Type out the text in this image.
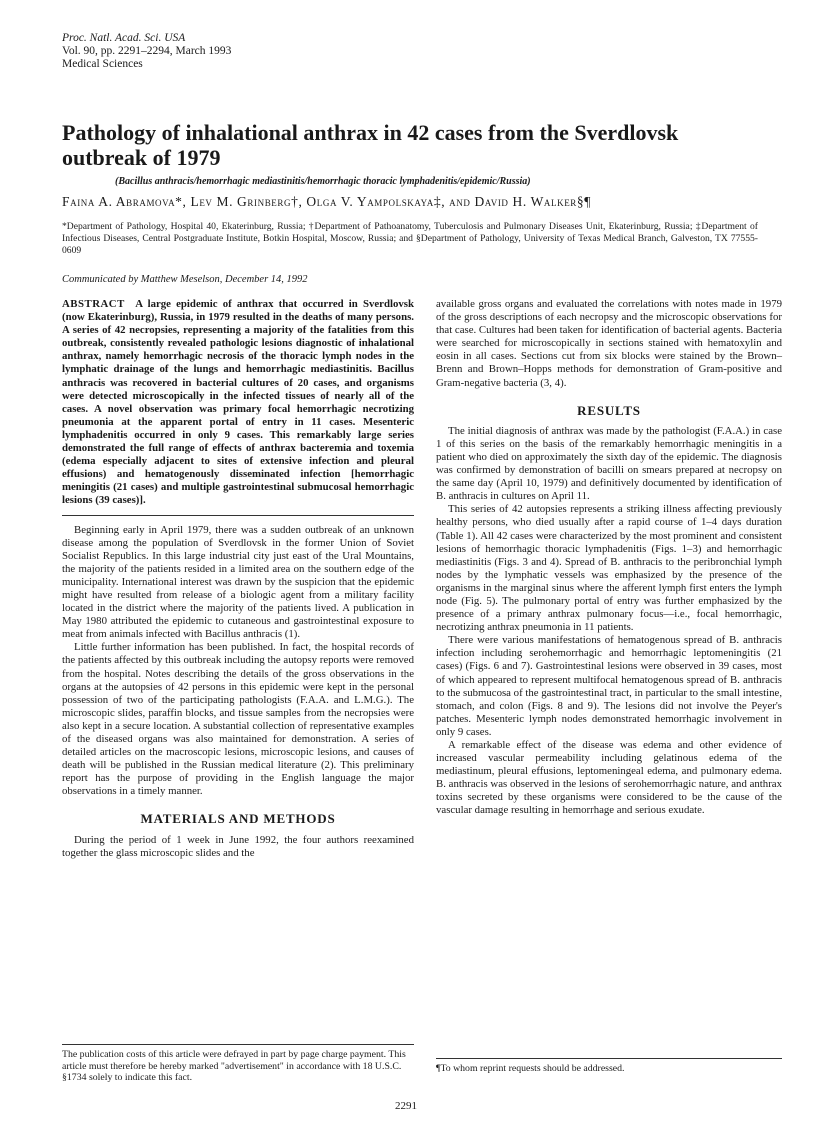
Proc. Natl. Acad. Sci. USA
Vol. 90, pp. 2291–2294, March 1993
Medical Sciences
Pathology of inhalational anthrax in 42 cases from the Sverdlovsk outbreak of 1979
(Bacillus anthracis/hemorrhagic mediastinitis/hemorrhagic thoracic lymphadenitis/epidemic/Russia)
Faina A. Abramova*, Lev M. Grinberg†, Olga V. Yampolskaya‡, and David H. Walker§¶
*Department of Pathology, Hospital 40, Ekaterinburg, Russia; †Department of Pathoanatomy, Tuberculosis and Pulmonary Diseases Unit, Ekaterinburg, Russia; ‡Department of Infectious Diseases, Central Postgraduate Institute, Botkin Hospital, Moscow, Russia; and §Department of Pathology, University of Texas Medical Branch, Galveston, TX 77555-0609
Communicated by Matthew Meselson, December 14, 1992

ABSTRACT A large epidemic of anthrax that occurred in Sverdlovsk (now Ekaterinburg), Russia, in 1979 resulted in the deaths of many persons. A series of 42 necropsies, representing a majority of the fatalities from this outbreak, consistently revealed pathologic lesions diagnostic of inhalational anthrax, namely hemorrhagic necrosis of the thoracic lymph nodes in the lymphatic drainage of the lungs and hemorrhagic mediastinitis. Bacillus anthracis was recovered in bacterial cultures of 20 cases, and organisms were detected microscopically in the infected tissues of nearly all of the cases. A novel observation was primary focal hemorrhagic necrotizing pneumonia at the apparent portal of entry in 11 cases. Mesenteric lymphadenitis occurred in only 9 cases. This remarkably large series demonstrated the full range of effects of anthrax bacteremia and toxemia (edema especially adjacent to sites of extensive infection and pleural effusions) and hematogenously disseminated infection [hemorrhagic meningitis (21 cases) and multiple gastrointestinal submucosal hemorrhagic lesions (39 cases)].

Beginning early in April 1979, there was a sudden outbreak of an unknown disease among the population of Sverdlovsk in the former Union of Soviet Socialist Republics. In this large industrial city just east of the Ural Mountains, the majority of the patients resided in a limited area on the southern edge of the municipality. International interest was drawn by the suspicion that the epidemic might have resulted from release of a biologic agent from a military facility located in the district where the majority of the patients lived. A publication in May 1980 attributed the epidemic to cutaneous and gastrointestinal exposure to meat from animals infected with Bacillus anthracis (1).

Little further information has been published. In fact, the hospital records of the patients affected by this outbreak including the autopsy reports were removed from the hospital. Notes describing the details of the gross observations in the organs at the autopsies of 42 persons in this epidemic were kept in the personal possession of two of the participating pathologists (F.A.A. and L.M.G.). The microscopic slides, paraffin blocks, and tissue samples from the necropsies were also kept in a secure location. A substantial collection of representative examples of the diseased organs was also maintained for demonstration. A series of detailed articles on the macroscopic lesions, microscopic lesions, and causes of death will be published in the Russian medical literature (2). This preliminary report has the purpose of providing in the English language the major observations in a timely manner.

MATERIALS AND METHODS

During the period of 1 week in June 1992, the four authors reexamined together the glass microscopic slides and the

available gross organs and evaluated the correlations with notes made in 1979 of the gross descriptions of each necropsy and the microscopic observations for that case. Cultures had been taken for identification of bacterial agents. Bacteria were searched for microscopically in sections stained with hematoxylin and eosin in all cases. Sections cut from six blocks were stained by the Brown–Brenn and Brown–Hopps methods for demonstration of Gram-positive and Gram-negative bacteria (3, 4).

RESULTS

The initial diagnosis of anthrax was made by the pathologist (F.A.A.) in case 1 of this series on the basis of the remarkably hemorrhagic meningitis in a patient who died on approximately the sixth day of the epidemic. The diagnosis was confirmed by demonstration of bacilli on smears prepared at necropsy on the same day (April 10, 1979) and definitively documented by identification of B. anthracis in cultures on April 11.

This series of 42 autopsies represents a striking illness affecting previously healthy persons, who died usually after a rapid course of 1–4 days duration (Table 1). All 42 cases were characterized by the most prominent and consistent lesions of hemorrhagic thoracic lymphadenitis (Figs. 1–3) and hemorrhagic mediastinitis (Figs. 3 and 4). Spread of B. anthracis to the peribronchial lymph nodes by the lymphatic vessels was emphasized by the presence of the organisms in the marginal sinus where the afferent lymph first enters the lymph node (Fig. 5). The pulmonary portal of entry was further emphasized by the presence of a primary anthrax pulmonary focus—i.e., focal hemorrhagic, necrotizing anthrax pneumonia in 11 patients.

There were various manifestations of hematogenous spread of B. anthracis infection including serohemorrhagic and hemorrhagic leptomeningitis (21 cases) (Figs. 6 and 7). Gastrointestinal lesions were observed in 39 cases, most of which appeared to represent multifocal hematogenous spread of B. anthracis to the submucosa of the gastrointestinal tract, in particular to the small intestine, stomach, and colon (Figs. 8 and 9). The lesions did not involve the Peyer's patches. Mesenteric lymph nodes demonstrated hemorrhagic involvement in only 9 cases.

A remarkable effect of the disease was edema and other evidence of increased vascular permeability including gelatinous edema of the mediastinum, pleural effusions, leptomeningeal edema, and pulmonary edema. B. anthracis was observed in the lesions of serohemorrhagic nature, and anthrax toxins secreted by these organisms were considered to be the cause of the vascular damage resulting in hemorrhage and serious exudate.

The publication costs of this article were defrayed in part by page charge payment. This article must therefore be hereby marked "advertisement" in accordance with 18 U.S.C. §1734 solely to indicate this fact.
¶To whom reprint requests should be addressed.
2291
